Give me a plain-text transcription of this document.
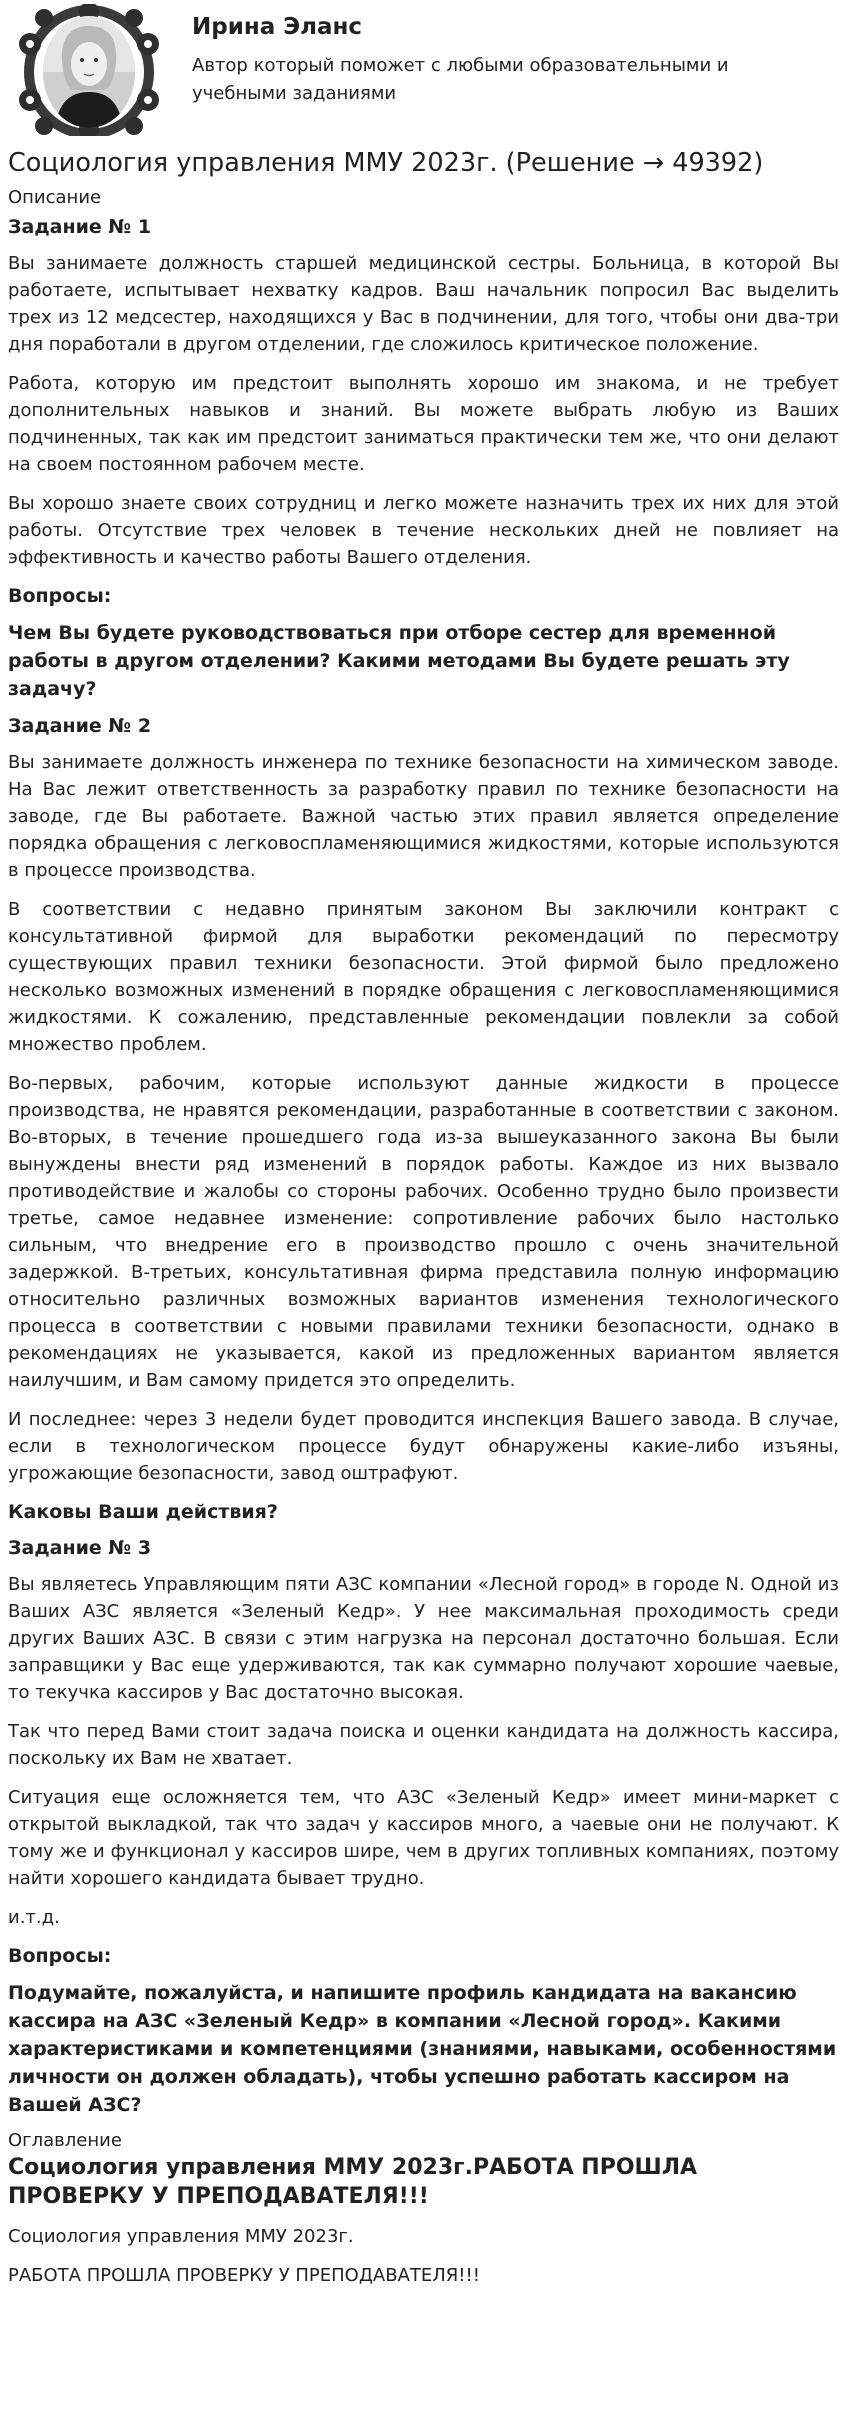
Ирина Эланс
Автор который поможет с любыми образовательными и учебными заданиями
Социология управления ММУ 2023г. (Решение → 49392)
Описание
Задание № 1

Вы занимаете должность старшей медицинской сестры. Больница, в которой Вы работаете, испытывает нехватку кадров. Ваш начальник попросил Вас выделить трех из 12 медсестер, находящихся у Вас в подчинении, для того, чтобы они два-три дня поработали в другом отделении, где сложилось критическое положение.

Работа, которую им предстоит выполнять хорошо им знакома, и не требует дополнительных навыков и знаний. Вы можете выбрать любую из Ваших подчиненных, так как им предстоит заниматься практически тем же, что они делают на своем постоянном рабочем месте.

Вы хорошо знаете своих сотрудниц и легко можете назначить трех их них для этой работы. Отсутствие трех человек в течение нескольких дней не повлияет на эффективность и качество работы Вашего отделения.

Вопросы:

Чем Вы будете руководствоваться при отборе сестер для временной работы в другом отделении? Какими методами Вы будете решать эту задачу?

Задание № 2

Вы занимаете должность инженера по технике безопасности на химическом заводе. На Вас лежит ответственность за разработку правил по технике безопасности на заводе, где Вы работаете. Важной частью этих правил является определение порядка обращения с легковоспламеняющимися жидкостями, которые используются в процессе производства.

В соответствии с недавно принятым законом Вы заключили контракт с консультативной фирмой для выработки рекомендаций по пересмотру существующих правил техники безопасности. Этой фирмой было предложено несколько возможных изменений в порядке обращения с легковоспламеняющимися жидкостями. К сожалению, представленные рекомендации повлекли за собой множество проблем.

Во-первых, рабочим, которые используют данные жидкости в процессе производства, не нравятся рекомендации, разработанные в соответствии с законом. Во-вторых, в течение прошедшего года из-за вышеуказанного закона Вы были вынуждены внести ряд изменений в порядок работы. Каждое из них вызвало противодействие и жалобы со стороны рабочих. Особенно трудно было произвести третье, самое недавнее изменение: сопротивление рабочих было настолько сильным, что внедрение его в производство прошло с очень значительной задержкой. В-третьих, консультативная фирма представила полную информацию относительно различных возможных вариантов изменения технологического процесса в соответствии с новыми правилами техники безопасности, однако в рекомендациях не указывается, какой из предложенных вариантом является наилучшим, и Вам самому придется это определить.

И последнее: через 3 недели будет проводится инспекция Вашего завода. В случае, если в технологическом процессе будут обнаружены какие-либо изъяны, угрожающие безопасности, завод оштрафуют.

Каковы Ваши действия?
Задание № 3

Вы являетесь Управляющим пяти АЗС компании «Лесной город» в городе N. Одной из Ваших АЗС является «Зеленый Кедр». У нее максимальная проходимость среди других Ваших АЗС. В связи с этим нагрузка на персонал достаточно большая. Если заправщики у Вас еще удерживаются, так как суммарно получают хорошие чаевые, то текучка кассиров у Вас достаточно высокая.

Так что перед Вами стоит задача поиска и оценки кандидата на должность кассира, поскольку их Вам не хватает.

Ситуация еще осложняется тем, что АЗС «Зеленый Кедр» имеет мини-маркет с открытой выкладкой, так что задач у кассиров много, а чаевые они не получают. К тому же и функционал у кассиров шире, чем в других топливных компаниях, поэтому найти хорошего кандидата бывает трудно.

и.т.д.

Вопросы:

Подумайте, пожалуйста, и напишите профиль кандидата на вакансию кассира на АЗС «Зеленый Кедр» в компании «Лесной город». Какими характеристиками и компетенциями (знаниями, навыками, особенностями личности он должен обладать), чтобы успешно работать кассиром на Вашей АЗС?

Оглавление
Социология управления ММУ 2023г.РАБОТА ПРОШЛА ПРОВЕРКУ У ПРЕПОДАВАТЕЛЯ!!!

Социология управления ММУ 2023г.

РАБОТА ПРОШЛА ПРОВЕРКУ У ПРЕПОДАВАТЕЛЯ!!!
